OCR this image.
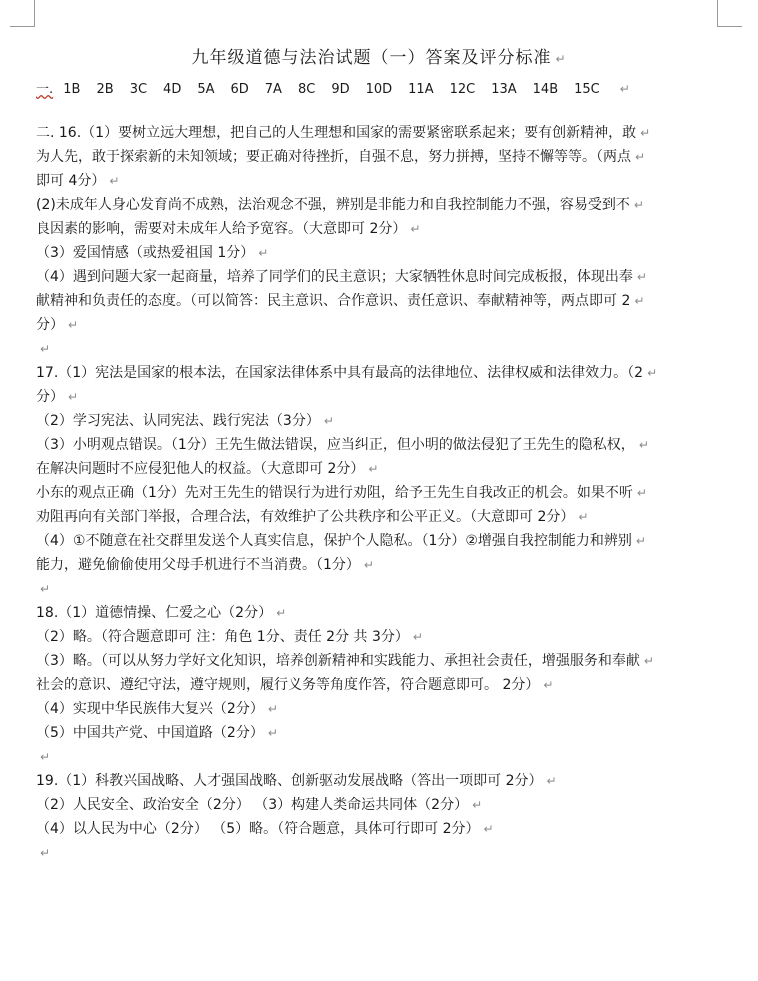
九年级道德与法治试题（一）答案及评分标准 ↵
一. 1B 2B 3C 4D 5A 6D 7A 8C 9D 10D 11A 12C 13A 14B 15C ↵
二. 16.（1）要树立远大理想，把自己的人生理想和国家的需要紧密联系起来；要有创新精神，敢 ↵
为人先，敢于探索新的未知领域；要正确对待挫折，自强不息，努力拼搏，坚持不懈等等。（两点 ↵
即可 4分） ↵
(2)未成年人身心发育尚不成熟，法治观念不强，辨别是非能力和自我控制能力不强，容易受到不 ↵
良因素的影响，需要对未成年人给予宽容。（大意即可 2分） ↵
（3）爱国情感（或热爱祖国 1分） ↵
（4）遇到问题大家一起商量，培养了同学们的民主意识；大家牺牲休息时间完成板报，体现出奉 ↵
献精神和负责任的态度。（可以简答：民主意识、合作意识、责任意识、奉献精神等，两点即可 2 ↵
分） ↵
↵
17.（1）宪法是国家的根本法，在国家法律体系中具有最高的法律地位、法律权威和法律效力。（2 ↵
分） ↵
（2）学习宪法、认同宪法、践行宪法（3分） ↵
（3）小明观点错误。（1分）王先生做法错误，应当纠正，但小明的做法侵犯了王先生的隐私权， ↵
在解决问题时不应侵犯他人的权益。（大意即可 2分） ↵
小东的观点正确（1分）先对王先生的错误行为进行劝阻，给予王先生自我改正的机会。如果不听 ↵
劝阻再向有关部门举报，合理合法，有效维护了公共秩序和公平正义。（大意即可 2分） ↵
（4）①不随意在社交群里发送个人真实信息，保护个人隐私。（1分）②增强自我控制能力和辨别 ↵
能力，避免偷偷使用父母手机进行不当消费。（1分） ↵
↵
18.（1）道德情操、仁爱之心（2分） ↵
（2）略。（符合题意即可 注：角色 1分、责任 2分 共 3分） ↵
（3）略。（可以从努力学好文化知识，培养创新精神和实践能力、承担社会责任，增强服务和奉献 ↵
社会的意识、遵纪守法，遵守规则，履行义务等角度作答，符合题意即可。 2分） ↵
（4）实现中华民族伟大复兴（2分） ↵
（5）中国共产党、中国道路（2分） ↵
↵
19.（1）科教兴国战略、人才强国战略、创新驱动发展战略（答出一项即可 2分） ↵
（2）人民安全、政治安全（2分） （3）构建人类命运共同体（2分） ↵
（4）以人民为中心（2分） （5）略。（符合题意，具体可行即可 2分） ↵
↵
